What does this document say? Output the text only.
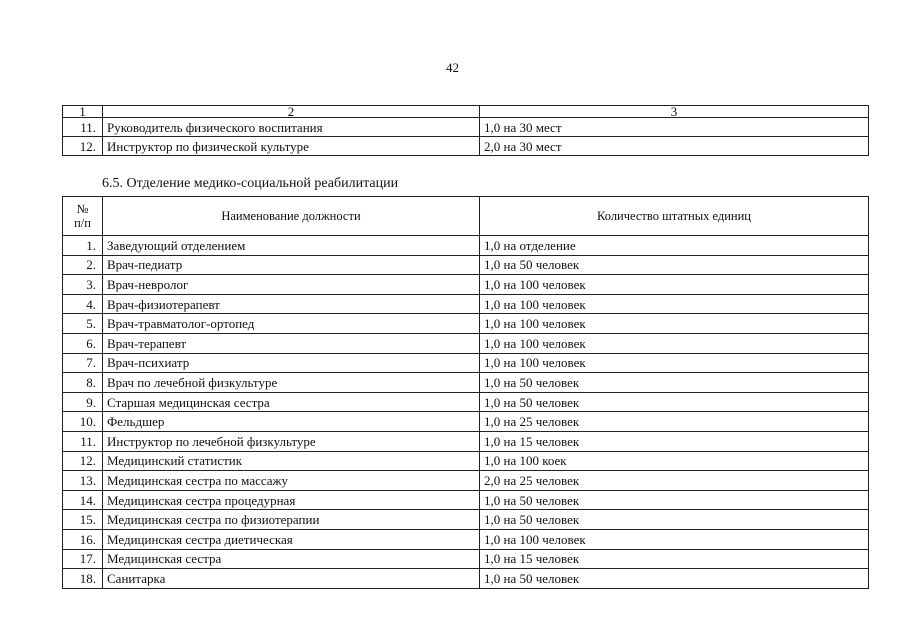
42
1	2	3
11.	Руководитель физического воспитания	1,0 на 30 мест
12.	Инструктор по физической культуре	2,0 на 30 мест
6.5. Отделение медико-социальной реабилитации
№
п/п	Наименование должности	Количество штатных единиц
1.	Заведующий отделением	1,0 на отделение
2.	Врач-педиатр	1,0 на 50 человек
3.	Врач-невролог	1,0 на 100 человек
4.	Врач-физиотерапевт	1,0 на 100 человек
5.	Врач-травматолог-ортопед	1,0 на 100 человек
6.	Врач-терапевт	1,0 на 100 человек
7.	Врач-психиатр	1,0 на 100 человек
8.	Врач по лечебной физкультуре	1,0 на 50 человек
9.	Старшая медицинская сестра	1,0 на 50 человек
10.	Фельдшер	1,0 на 25 человек
11.	Инструктор по лечебной физкультуре	1,0 на 15 человек
12.	Медицинский статистик	1,0 на 100 коек
13.	Медицинская сестра по массажу	2,0 на 25 человек
14.	Медицинская сестра процедурная	1,0 на 50 человек
15.	Медицинская сестра по физиотерапии	1,0 на 50 человек
16.	Медицинская сестра диетическая	1,0 на 100 человек
17.	Медицинская сестра	1,0 на 15 человек
18.	Санитарка	1,0 на 50 человек
